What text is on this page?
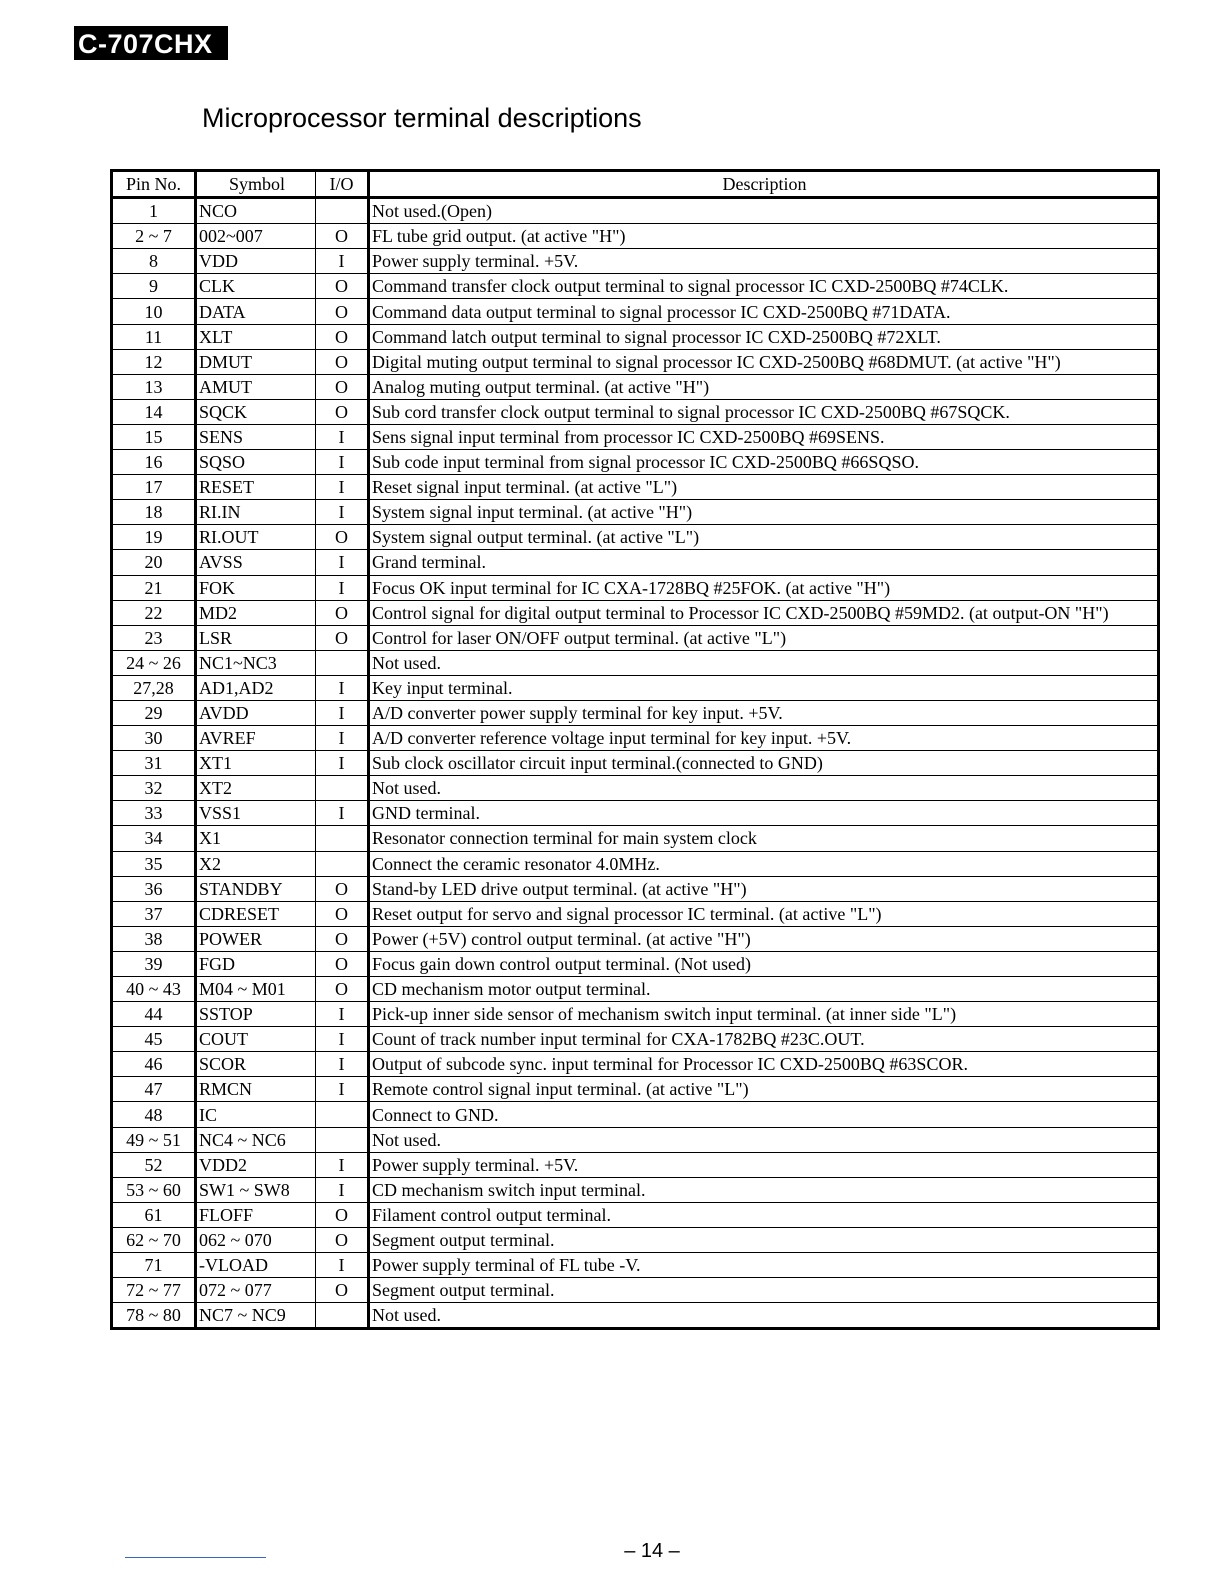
C-707CHX
Microprocessor terminal descriptions
Pin No.	Symbol	I/O	Description
1	NCO		Not used.(Open)
2 ~ 7	002~007	O	FL tube grid output. (at active "H")
8	VDD	I	Power supply terminal. +5V.
9	CLK	O	Command transfer clock output terminal to signal processor IC CXD-2500BQ #74CLK.
10	DATA	O	Command data output terminal to signal processor IC CXD-2500BQ #71DATA.
11	XLT	O	Command latch output terminal to signal processor IC CXD-2500BQ #72XLT.
12	DMUT	O	Digital muting output terminal to signal processor IC CXD-2500BQ #68DMUT. (at active "H")
13	AMUT	O	Analog muting output terminal. (at active "H")
14	SQCK	O	Sub cord transfer clock output terminal to signal processor IC CXD-2500BQ #67SQCK.
15	SENS	I	Sens signal input terminal from processor IC CXD-2500BQ #69SENS.
16	SQSO	I	Sub code input terminal from signal processor IC CXD-2500BQ #66SQSO.
17	RESET	I	Reset signal input terminal. (at active "L")
18	RI.IN	I	System signal input terminal. (at active "H")
19	RI.OUT	O	System signal output terminal. (at active "L")
20	AVSS	I	Grand terminal.
21	FOK	I	Focus OK input terminal for IC CXA-1728BQ #25FOK. (at active "H")
22	MD2	O	Control signal for digital output terminal to Processor IC CXD-2500BQ #59MD2. (at output-ON "H")
23	LSR	O	Control for laser ON/OFF output terminal. (at active "L")
24 ~ 26	NC1~NC3		Not used.
27,28	AD1,AD2	I	Key input terminal.
29	AVDD	I	A/D converter power supply terminal for key input. +5V.
30	AVREF	I	A/D converter reference voltage input terminal for key input. +5V.
31	XT1	I	Sub clock oscillator circuit input terminal.(connected to GND)
32	XT2		Not used.
33	VSS1	I	GND terminal.
34	X1		Resonator connection terminal for main system clock
35	X2		Connect the ceramic resonator 4.0MHz.
36	STANDBY	O	Stand-by LED drive output terminal. (at active "H")
37	CDRESET	O	Reset output for servo and signal processor IC terminal. (at active "L")
38	POWER	O	Power (+5V) control output terminal. (at active "H")
39	FGD	O	Focus gain down control output terminal. (Not used)
40 ~ 43	M04 ~ M01	O	CD mechanism motor output terminal.
44	SSTOP	I	Pick-up inner side sensor of mechanism switch input terminal. (at inner side "L")
45	COUT	I	Count of track number input terminal for CXA-1782BQ #23C.OUT.
46	SCOR	I	Output of subcode sync. input terminal for Processor IC CXD-2500BQ #63SCOR.
47	RMCN	I	Remote control signal input terminal. (at active "L")
48	IC		Connect to GND.
49 ~ 51	NC4 ~ NC6		Not used.
52	VDD2	I	Power supply terminal. +5V.
53 ~ 60	SW1 ~ SW8	I	CD mechanism switch input terminal.
61	FLOFF	O	Filament control output terminal.
62 ~ 70	062 ~ 070	O	Segment output terminal.
71	-VLOAD	I	Power supply terminal of FL tube -V.
72 ~ 77	072 ~ 077	O	Segment output terminal.
78 ~ 80	NC7 ~ NC9		Not used.
– 14 –
